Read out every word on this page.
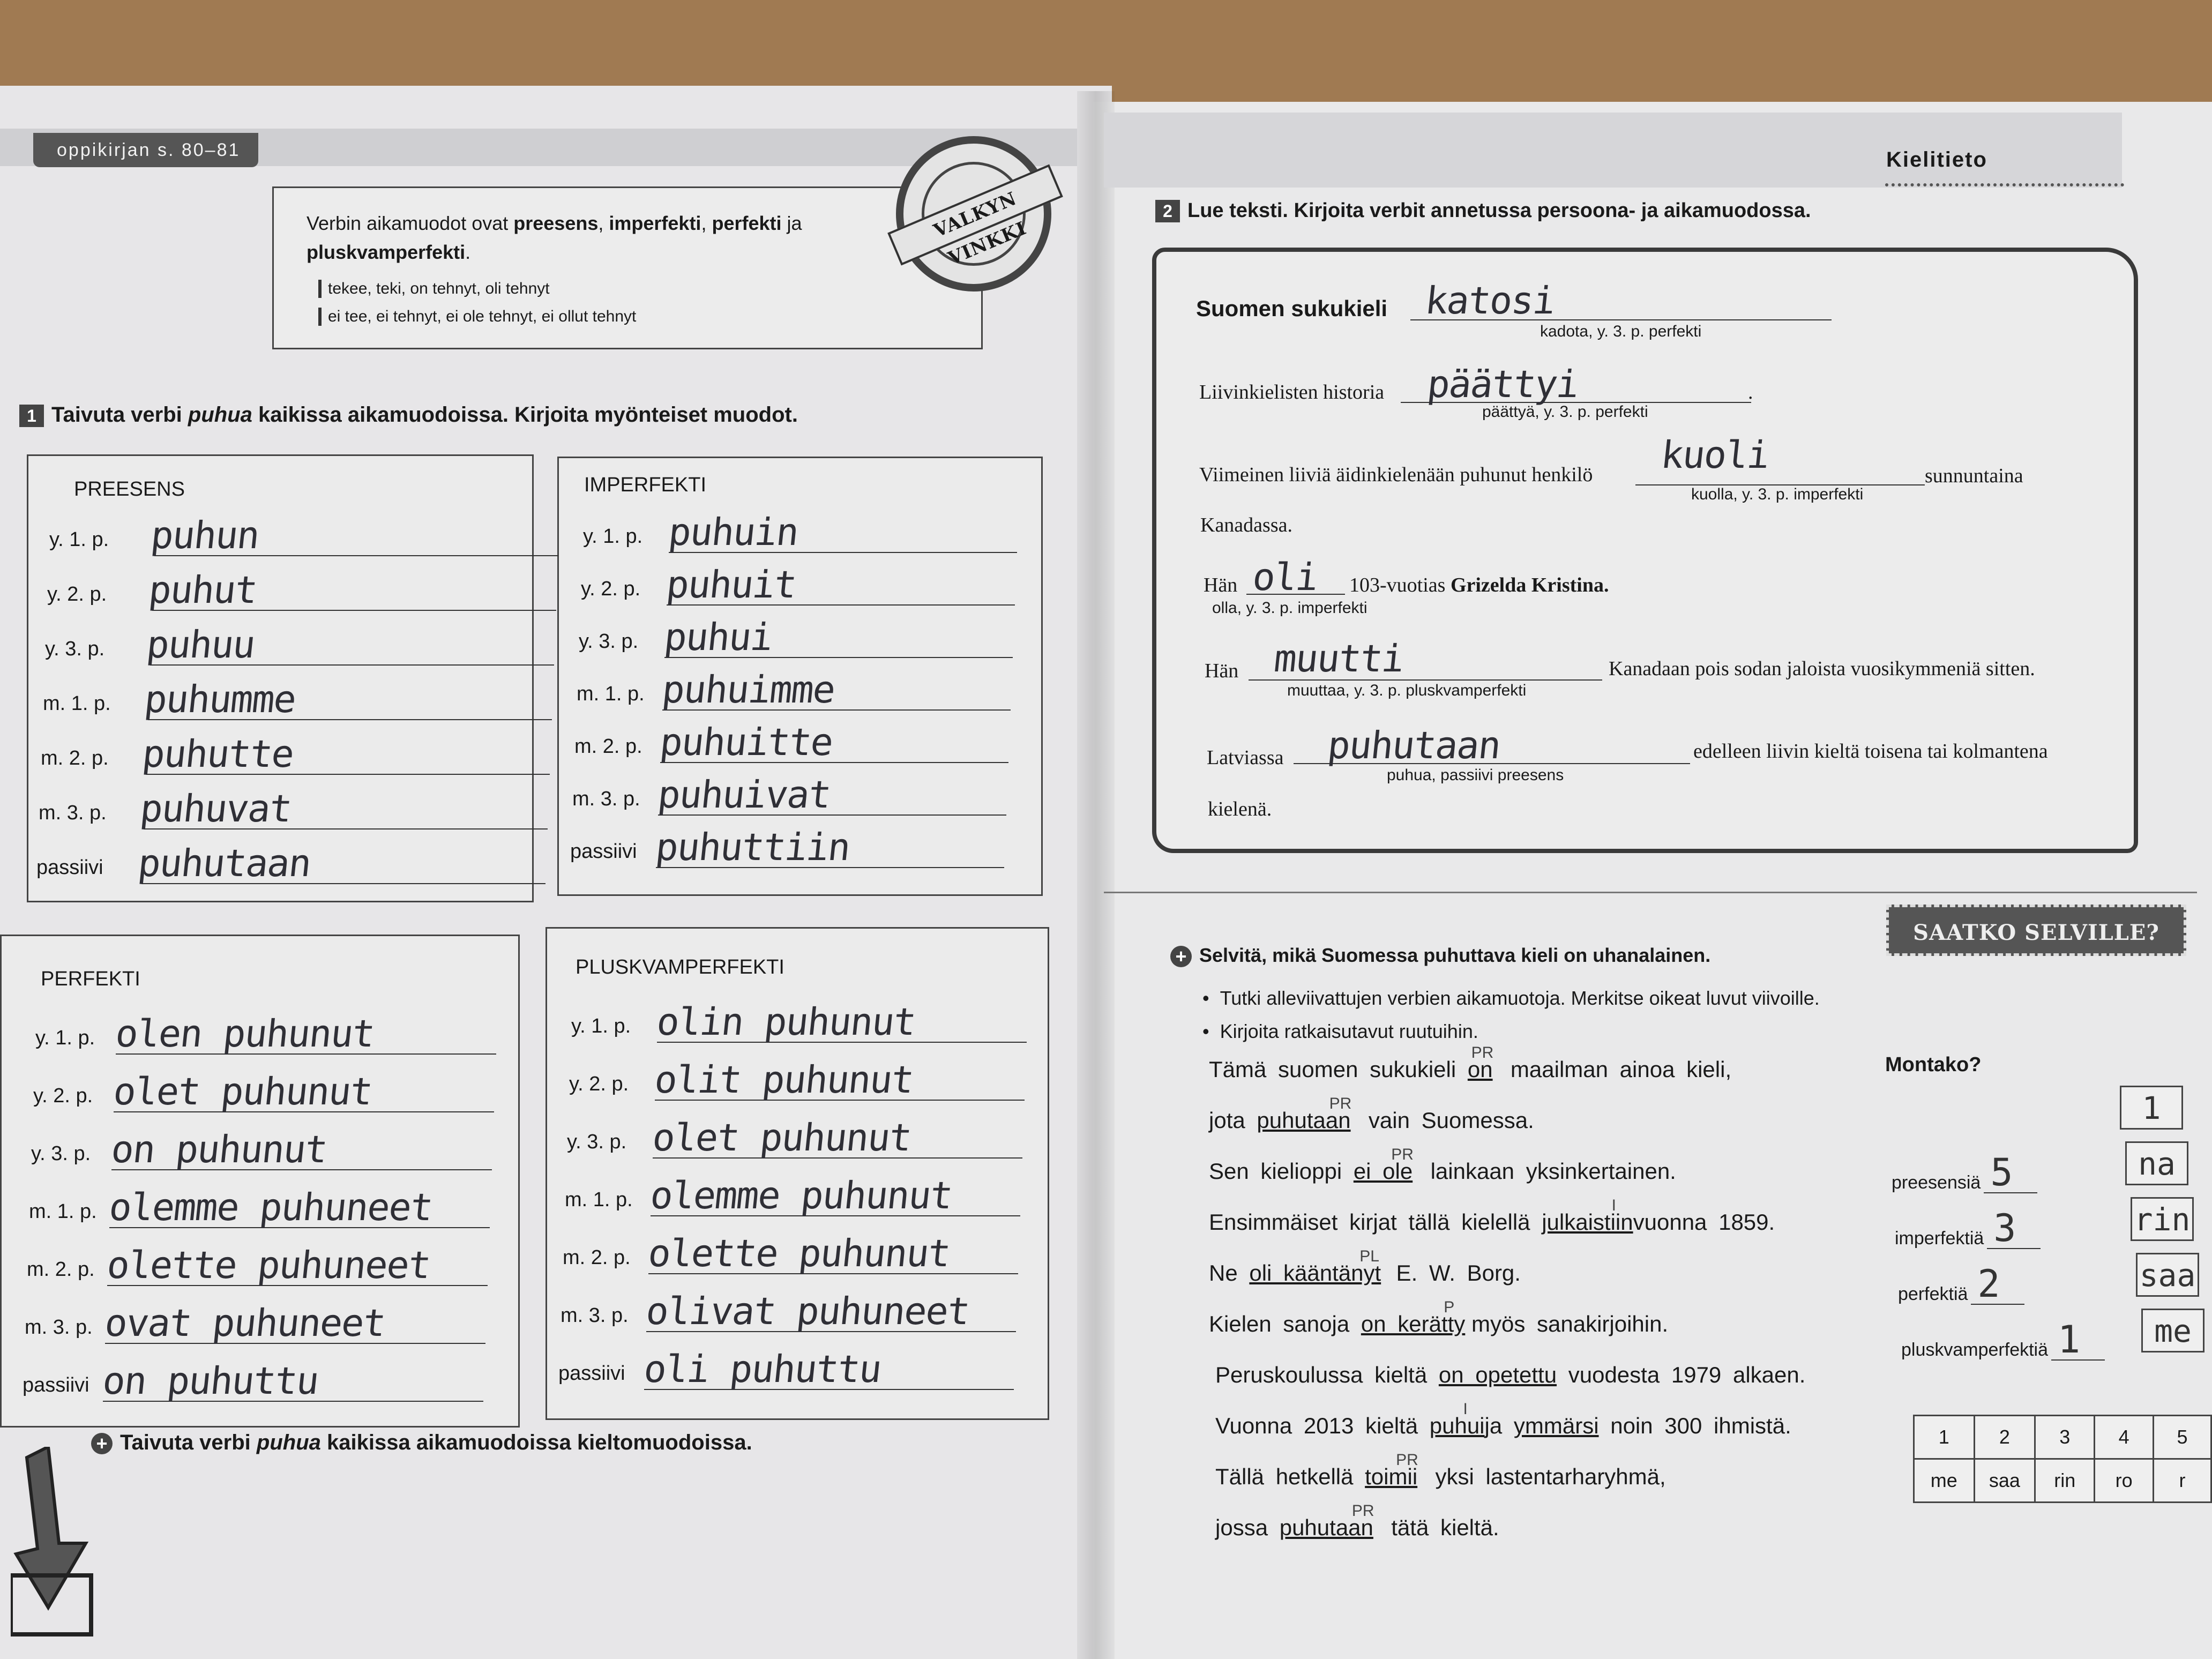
oppikirjan s. 80–81	Kielitieto
Verbin aikamuodot ovat preesens, imperfekti, perfekti ja pluskvamperfekti.
tekee, teki, on tehnyt, oli tehnyt
ei tee, ei tehnyt, ei ole tehnyt, ei ollut tehnyt
VALKYN VINKKI
1 Taivuta verbi puhua kaikissa aikamuodoissa. Kirjoita myönteiset muodot.
PREESENS	IMPERFEKTI
PERFEKTI
PLUSKVAMPERFEKTI
y. 1. p. puhun
y. 2. p. puhut
y. 3. p. puhuu
m. 1. p. puhumme
m. 2. p. puhutte
m. 3. p. puhuvat
passiivi puhutaan
y. 1. p. puhuin
y. 2. p. puhuit
y. 3. p. puhui
m. 1. p. puhuimme
m. 2. p. puhuitte
m. 3. p. puhuivat
passiivi puhuttiin
y. 1. p. olen puhunut
y. 2. p. olet puhunut
y. 3. p. on puhunut
m. 1. p. olemme puhuneet
m. 2. p. olette puhuneet
m. 3. p. ovat puhuneet
passiivi on puhuttu
y. 1. p. olin puhunut
y. 2. p. olit puhunut
y. 3. p. olet puhunut
m. 1. p. olemme puhunut
m. 2. p. olette puhunut
m. 3. p. olivat puhuneet
passiivi oli puhuttu
+ Taivuta verbi puhua kaikissa aikamuodoissa kieltomuodoissa.
2 Lue teksti. Kirjoita verbit annetussa persoona- ja aikamuodossa.
Suomen sukukieli katosi
kadota, y. 3. p. perfekti
Liivinkielisten historia päättyi	.
päättyä, y. 3. p. perfekti
Viimeinen liiviä äidinkielenään puhunut henkilö kuoli	sunnuntaina
kuolla, y. 3. p. imperfekti
Kanadassa.
Hän oli 103-vuotias Grizelda Kristina.
olla, y. 3. p. imperfekti
Hän muutti	Kanadaan pois sodan jaloista vuosikymmeniä sitten.
muuttaa, y. 3. p. pluskvamperfekti
Latviassa puhutaan	edelleen liivin kieltä toisena tai kolmantena
puhua, passiivi preesens
kielenä.
SAATKO SELVILLE?
+ Selvitä, mikä Suomessa puhuttava kieli on uhanalainen.
•  Tutki alleviivattujen verbien aikamuotoja. Merkitse oikeat luvut viivoille.
•  Kirjoita ratkaisutavut ruutuihin.
Tämä suomen sukukieli $on^{PR}$ maailman ainoa kieli,
jota puhutaan$^{PR}$ vain Suomessa.
Sen kielioppi ei ole$^{PR}$ lainkaan yksinkertainen.
Ensimmäiset kirjat tällä kielellä julkaistiin$^I$ vuonna 1859.
Ne oli kääntänyt$^{PL}$ E. W. Borg.
Kielen sanoja on kerätty$^P$ myös sanakirjoihin.
Peruskoulussa kieltä on opetettu vuodesta 1979 alkaen.
Vuonna 2013 kieltä puhui$^I$ ja ymmärsi noin 300 ihmistä.
Tällä hetkellä toimii$^{PR}$ yksi lastentarharyhmä,
jossa puhutaan$^{PR}$ tätä kieltä.
Montako?
preesensiä 5
imperfektiä 3
perfektiä 2
pluskvamperfektiä 1
1
na
rin
saa
me
1	2	3	4	5
me	saa	rin	ro	r
